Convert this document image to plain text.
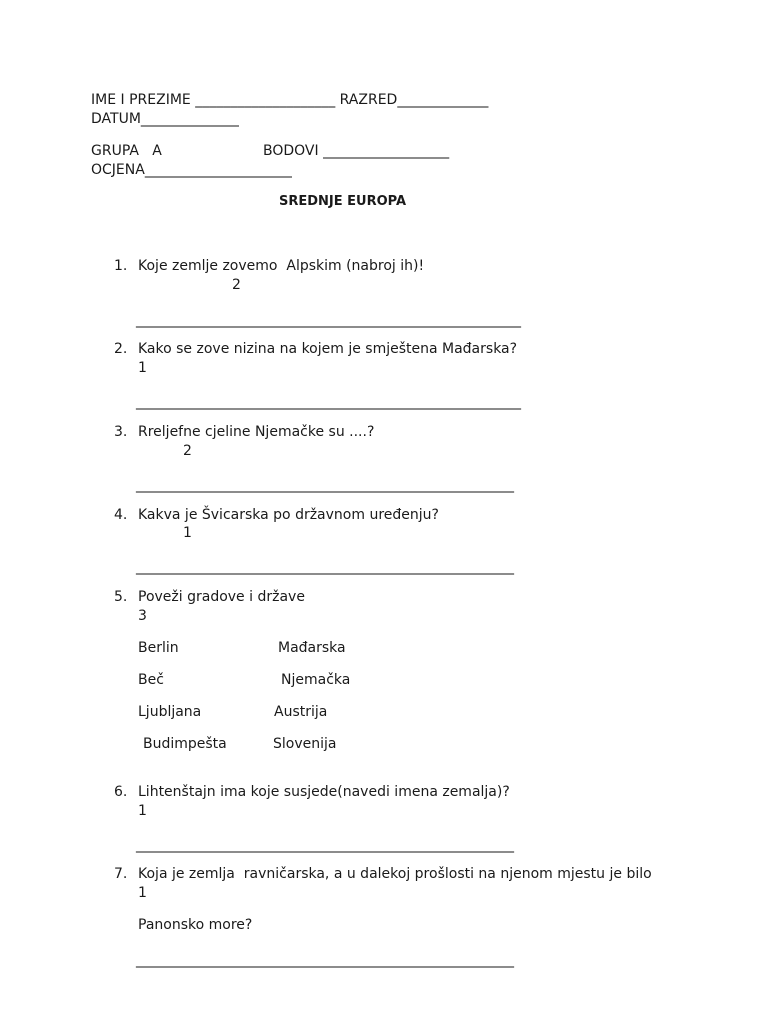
IME I PREZIME ____________________ RAZRED_____________
DATUM______________
GRUPA   A	BODOVI __________________
OCJENA_____________________
SREDNJE EUROPA
1. Koje zemlje zovemo  Alpskim (nabroj ih)!
2
_______________________________________________________
2. Kako se zove nizina na kojem je smještena Mađarska?
1
_______________________________________________________
3. Rreljefne cjeline Njemačke su ....?
2
______________________________________________________
4. Kakva je Švicarska po državnom uređenju?
1
______________________________________________________
5. Poveži gradove i države
3
Berlin	Mađarska
Beč	Njemačka
Ljubljana	Austrija
Budimpešta	Slovenija
6. Lihtenštajn ima koje susjede(navedi imena zemalja)?
1
______________________________________________________
7. Koja je zemlja  ravničarska, a u dalekoj prošlosti na njenom mjestu je bilo
1
Panonsko more?
______________________________________________________
